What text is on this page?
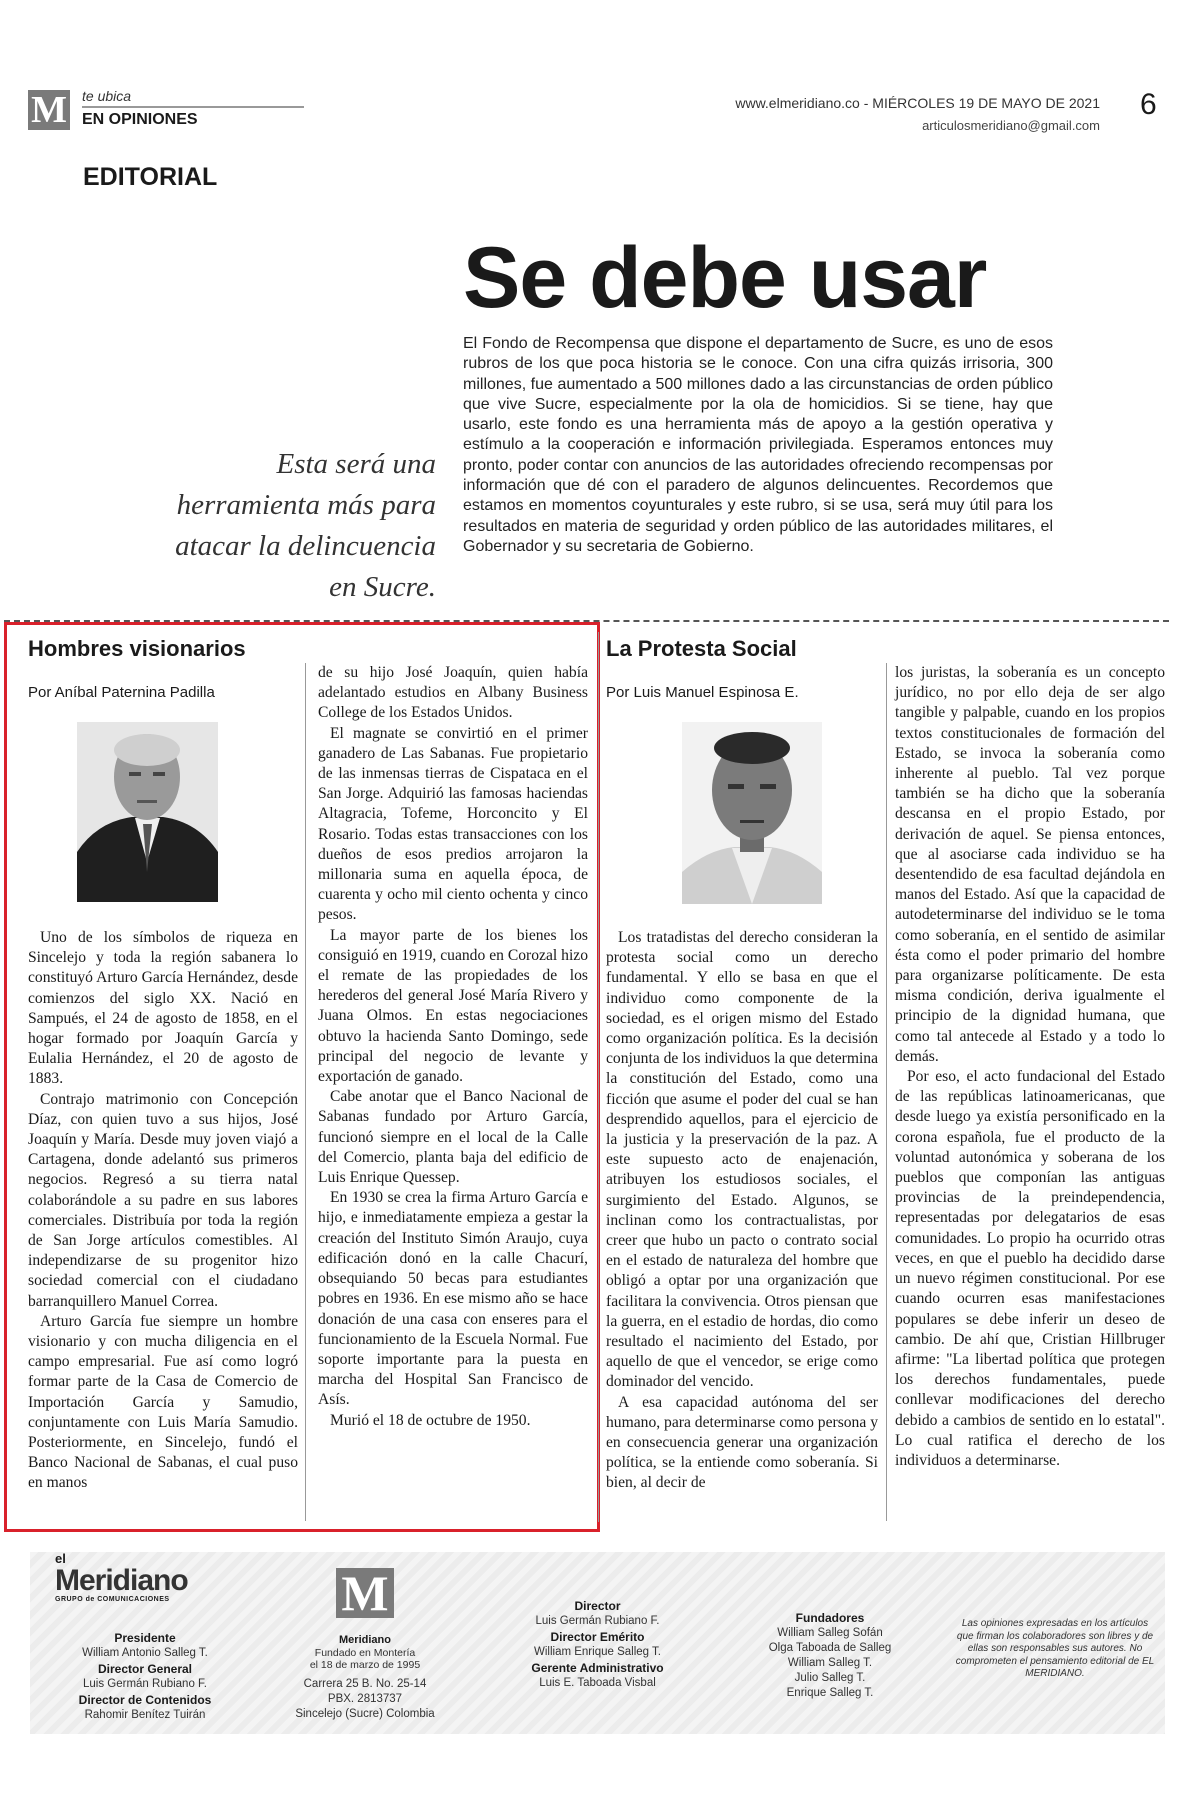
M te ubica
EN OPINIONES
www.elmeridiano.co - MIÉRCOLES 19 DE MAYO DE 2021
articulosmeridiano@gmail.com
6
EDITORIAL
Se debe usar
Esta será una herramienta más para atacar la delincuencia en Sucre.
El Fondo de Recompensa que dispone el departamento de Sucre, es uno de esos rubros de los que poca historia se le conoce. Con una cifra quizás irrisoria, 300 millones, fue aumentado a 500 millones dado a las circunstancias de orden público que vive Sucre, especialmente por la ola de homicidios. Si se tiene, hay que usarlo, este fondo es una herramienta más de apoyo a la gestión operativa y estímulo a la cooperación e información privilegiada. Esperamos entonces muy pronto, poder contar con anuncios de las autoridades ofreciendo recompensas por información que dé con el paradero de algunos delincuentes. Recordemos que estamos en momentos coyunturales y este rubro, si se usa, será muy útil para los resultados en materia de seguridad y orden público de las autoridades militares, el Gobernador y su secretaria de Gobierno.
Hombres visionarios
Por Aníbal Paternina Padilla

Uno de los símbolos de riqueza en Sincelejo y toda la región sabanera lo constituyó Arturo García Hernández, desde comienzos del siglo XX. Nació en Sampués, el 24 de agosto de 1858, en el hogar formado por Joaquín García y Eulalia Hernández, el 20 de agosto de 1883.

Contrajo matrimonio con Concepción Díaz, con quien tuvo a sus hijos, José Joaquín y María. Desde muy joven viajó a Cartagena, donde adelantó sus primeros negocios. Regresó a su tierra natal colaborándole a su padre en sus labores comerciales. Distribuía por toda la región de San Jorge artículos comestibles. Al independizarse de su progenitor hizo sociedad comercial con el ciudadano barranquillero Manuel Correa.

Arturo García fue siempre un hombre visionario y con mucha diligencia en el campo empresarial. Fue así como logró formar parte de la Casa de Comercio de Importación García y Samudio, conjuntamente con Luis María Samudio. Posteriormente, en Sincelejo, fundó el Banco Nacional de Sabanas, el cual puso en manos

de su hijo José Joaquín, quien había adelantado estudios en Albany Business College de los Estados Unidos.

El magnate se convirtió en el primer ganadero de Las Sabanas. Fue propietario de las inmensas tierras de Cispataca en el San Jorge. Adquirió las famosas haciendas Altagracia, Tofeme, Horconcito y El Rosario. Todas estas transacciones con los dueños de esos predios arrojaron la millonaria suma en aquella época, de cuarenta y ocho mil ciento ochenta y cinco pesos.

La mayor parte de los bienes los consiguió en 1919, cuando en Corozal hizo el remate de las propiedades de los herederos del general José María Rivero y Juana Olmos. En estas negociaciones obtuvo la hacienda Santo Domingo, sede principal del negocio de levante y exportación de ganado.

Cabe anotar que el Banco Nacional de Sabanas fundado por Arturo García, funcionó siempre en el local de la Calle del Comercio, planta baja del edificio de Luis Enrique Quessep.

En 1930 se crea la firma Arturo García e hijo, e inmediatamente empieza a gestar la creación del Instituto Simón Araujo, cuya edificación donó en la calle Chacurí, obsequiando 50 becas para estudiantes pobres en 1936. En ese mismo año se hace donación de una casa con enseres para el funcionamiento de la Escuela Normal. Fue soporte importante para la puesta en marcha del Hospital San Francisco de Asís.

Murió el 18 de octubre de 1950.

La Protesta Social
Por Luis Manuel Espinosa E.

Los tratadistas del derecho consideran la protesta social como un derecho fundamental. Y ello se basa en que el individuo como componente de la sociedad, es el origen mismo del Estado como organización política. Es la decisión conjunta de los individuos la que determina la constitución del Estado, como una ficción que asume el poder del cual se han desprendido aquellos, para el ejercicio de la justicia y la preservación de la paz. A este supuesto acto de enajenación, atribuyen los estudiosos sociales, el surgimiento del Estado. Algunos, se inclinan como los contractualistas, por creer que hubo un pacto o contrato social en el estado de naturaleza del hombre que obligó a optar por una organización que facilitara la convivencia. Otros piensan que la guerra, en el estadio de hordas, dio como resultado el nacimiento del Estado, por aquello de que el vencedor, se erige como dominador del vencido.

A esa capacidad autónoma del ser humano, para determinarse como persona y en consecuencia generar una organización política, se la entiende como soberanía. Si bien, al decir de

los juristas, la soberanía es un concepto jurídico, no por ello deja de ser algo tangible y palpable, cuando en los propios textos constitucionales de formación del Estado, se invoca la soberanía como inherente al pueblo. Tal vez porque también se ha dicho que la soberanía descansa en el propio Estado, por derivación de aquel. Se piensa entonces, que al asociarse cada individuo se ha desentendido de esa facultad dejándola en manos del Estado. Así que la capacidad de autodeterminarse del individuo se le toma como soberanía, en el sentido de asimilar ésta como el poder primario del hombre para organizarse políticamente. De esta misma condición, deriva igualmente el principio de la dignidad humana, que como tal antecede al Estado y a todo lo demás.

Por eso, el acto fundacional del Estado de las repúblicas latinoamericanas, que desde luego ya existía personificado en la corona española, fue el producto de la voluntad autonómica y soberana de los pueblos que componían las antiguas provincias de la preindependencia, representadas por delegatarios de esas comunidades. Lo propio ha ocurrido otras veces, en que el pueblo ha decidido darse un nuevo régimen constitucional. Por ese cuando ocurren esas manifestaciones populares se debe inferir un deseo de cambio. De ahí que, Cristian Hillbruger afirme: "La libertad política que protegen los derechos fundamentales, puede conllevar modificaciones del derecho debido a cambios de sentido en lo estatal". Lo cual ratifica el derecho de los individuos a determinarse.

el
Meridiano
GRUPO de COMUNICACIONES
Presidente
William Antonio Salleg T.
Director General
Luis Germán Rubiano F.
Director de Contenidos
Rahomir Benítez Tuirán
M
Meridiano
Fundado en Montería
el 18 de marzo de 1995
Carrera 25 B. No. 25-14
PBX. 2813737
Sincelejo (Sucre) Colombia
Director
Luis Germán Rubiano F.
Director Emérito
William Enrique Salleg T.
Gerente Administrativo
Luis E. Taboada Visbal
Fundadores
William Salleg Sofán
Olga Taboada de Salleg
William Salleg T.
Julio Salleg T.
Enrique Salleg T.
Las opiniones expresadas en los artículos que firman los colaboradores son libres y de ellas son responsables sus autores. No comprometen el pensamiento editorial de EL MERIDIANO.
